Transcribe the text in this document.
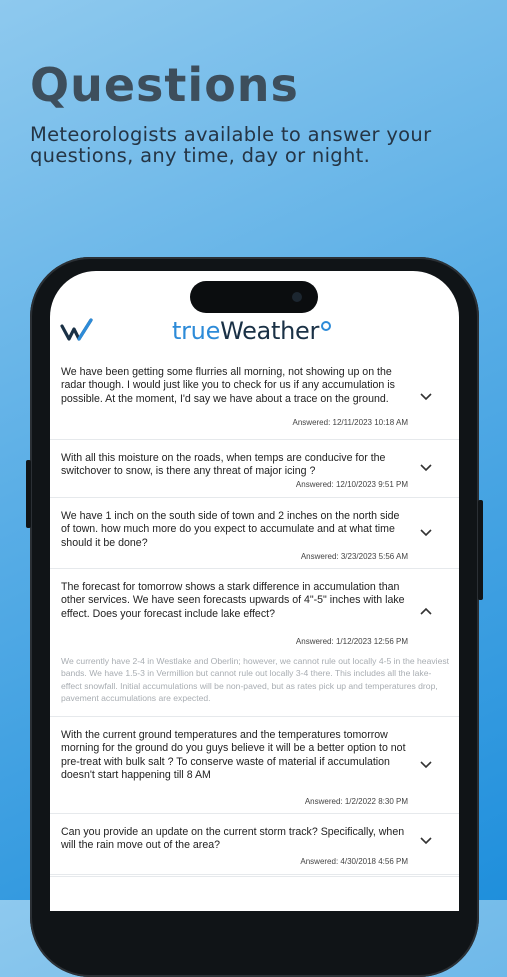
Questions

Meteorologists available to answer your questions, any time, day or night.

trueWeather
We have been getting some flurries all morning, not showing up on the radar though. I would just like you to check for us if any accumulation is possible. At the moment, I'd say we have about a trace on the ground.
Answered: 12/11/2023 10:18 AM
With all this moisture on the roads, when temps are conducive for the switchover to snow, is there any threat of major icing ?
Answered: 12/10/2023 9:51 PM
We have 1 inch on the south side of town and 2 inches on the north side of town. how much more do you expect to accumulate and at what time should it be done?
Answered: 3/23/2023 5:56 AM
The forecast for tomorrow shows a stark difference in accumulation than other services. We have seen forecasts upwards of 4"-5" inches with lake effect. Does your forecast include lake effect?
Answered: 1/12/2023 12:56 PM
We currently have 2-4 in Westlake and Oberlin; however, we cannot rule out locally 4-5 in the heaviest bands. We have 1.5-3 in Vermillion but cannot rule out locally 3-4 there. This includes all the lake-effect snowfall. Initial accumulations will be non-paved, but as rates pick up and temperatures drop, pavement accumulations are expected.
With the current ground temperatures and the temperatures tomorrow morning for the ground do you guys believe it will be a better option to not pre-treat with bulk salt ? To conserve waste of material if accumulation doesn't start happening till 8 AM
Answered: 1/2/2022 8:30 PM
Can you provide an update on the current storm track? Specifically, when will the rain move out of the area?
Answered: 4/30/2018 4:56 PM
